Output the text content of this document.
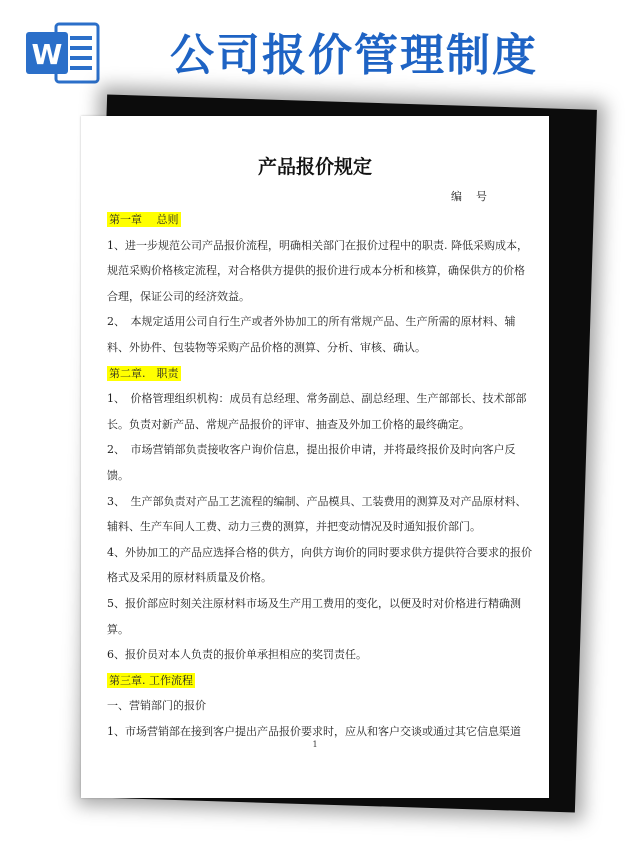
W 公司报价管理制度
产品报价规定
编号

第一章　 总则

1、进一步规范公司产品报价流程，明确相关部门在报价过程中的职责. 降低采购成本，规范采购价格核定流程，对合格供方提供的报价进行成本分析和核算，确保供方的价格合理，保证公司的经济效益。

2、　本规定适用公司自行生产或者外协加工的所有常规产品、生产所需的原材料、辅料、外协件、包装物等采购产品价格的测算、分析、审核、确认。

第二章.　职责

1、　价格管理组织机构：成员有总经理、常务副总、副总经理、生产部部长、技术部部长。负责对新产品、常规产品报价的评审、抽查及外加工价格的最终确定。

2、　市场营销部负责接收客户询价信息，提出报价申请，并将最终报价及时向客户反馈。

3、　生产部负责对产品工艺流程的编制、产品模具、工装费用的测算及对产品原材料、辅料、生产车间人工费、动力三费的测算，并把变动情况及时通知报价部门。

4、外协加工的产品应选择合格的供方，向供方询价的同时要求供方提供符合要求的报价格式及采用的原材料质量及价格。

5、报价部应时刻关注原材料市场及生产用工费用的变化，以便及时对价格进行精确测算。

6、报价员对本人负责的报价单承担相应的奖罚责任。

第三章. 工作流程

一、营销部门的报价

1、市场营销部在接到客户提出产品报价要求时，应从和客户交谈或通过其它信息渠道

1
